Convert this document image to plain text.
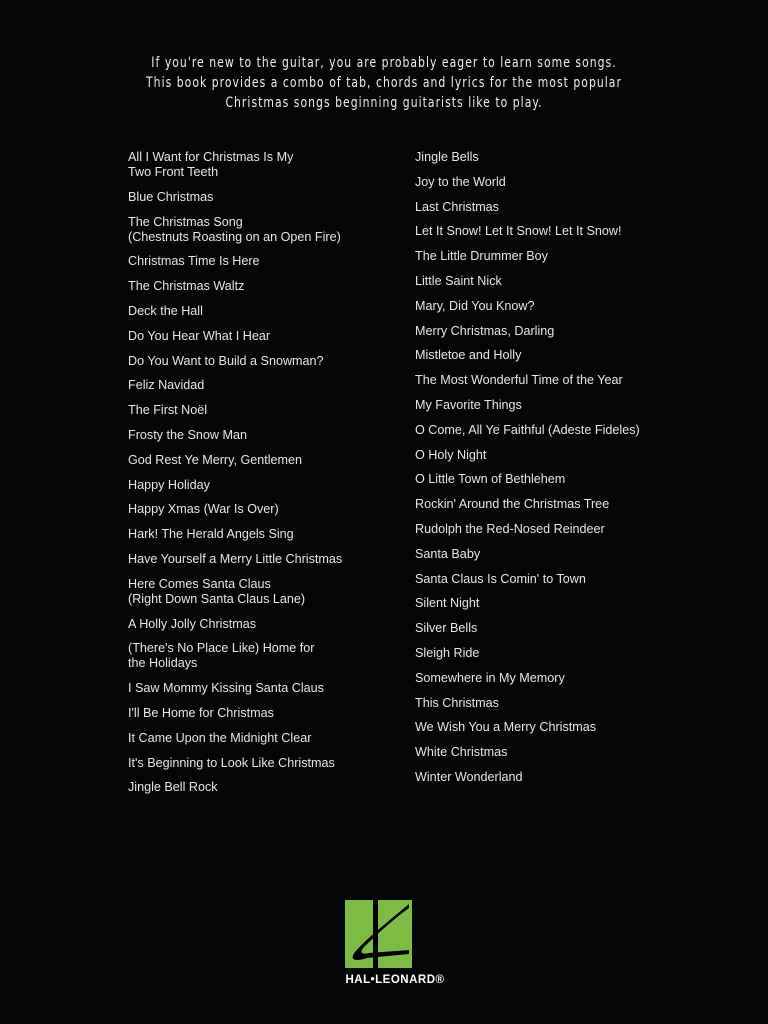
If you're new to the guitar, you are probably eager to learn some songs.
This book provides a combo of tab, chords and lyrics for the most popular
Christmas songs beginning guitarists like to play.
All I Want for Christmas Is My
Two Front Teeth
Blue Christmas
The Christmas Song
(Chestnuts Roasting on an Open Fire)
Christmas Time Is Here
The Christmas Waltz
Deck the Hall
Do You Hear What I Hear
Do You Want to Build a Snowman?
Feliz Navidad
The First Noël
Frosty the Snow Man
God Rest Ye Merry, Gentlemen
Happy Holiday
Happy Xmas (War Is Over)
Hark! The Herald Angels Sing
Have Yourself a Merry Little Christmas
Here Comes Santa Claus
(Right Down Santa Claus Lane)
A Holly Jolly Christmas
(There's No Place Like) Home for
the Holidays
I Saw Mommy Kissing Santa Claus
I'll Be Home for Christmas
It Came Upon the Midnight Clear
It's Beginning to Look Like Christmas
Jingle Bell Rock
Jingle Bells
Joy to the World
Last Christmas
Let It Snow! Let It Snow! Let It Snow!
The Little Drummer Boy
Little Saint Nick
Mary, Did You Know?
Merry Christmas, Darling
Mistletoe and Holly
The Most Wonderful Time of the Year
My Favorite Things
O Come, All Ye Faithful (Adeste Fideles)
O Holy Night
O Little Town of Bethlehem
Rockin' Around the Christmas Tree
Rudolph the Red-Nosed Reindeer
Santa Baby
Santa Claus Is Comin' to Town
Silent Night
Silver Bells
Sleigh Ride
Somewhere in My Memory
This Christmas
We Wish You a Merry Christmas
White Christmas
Winter Wonderland
HAL•LEONARD®
